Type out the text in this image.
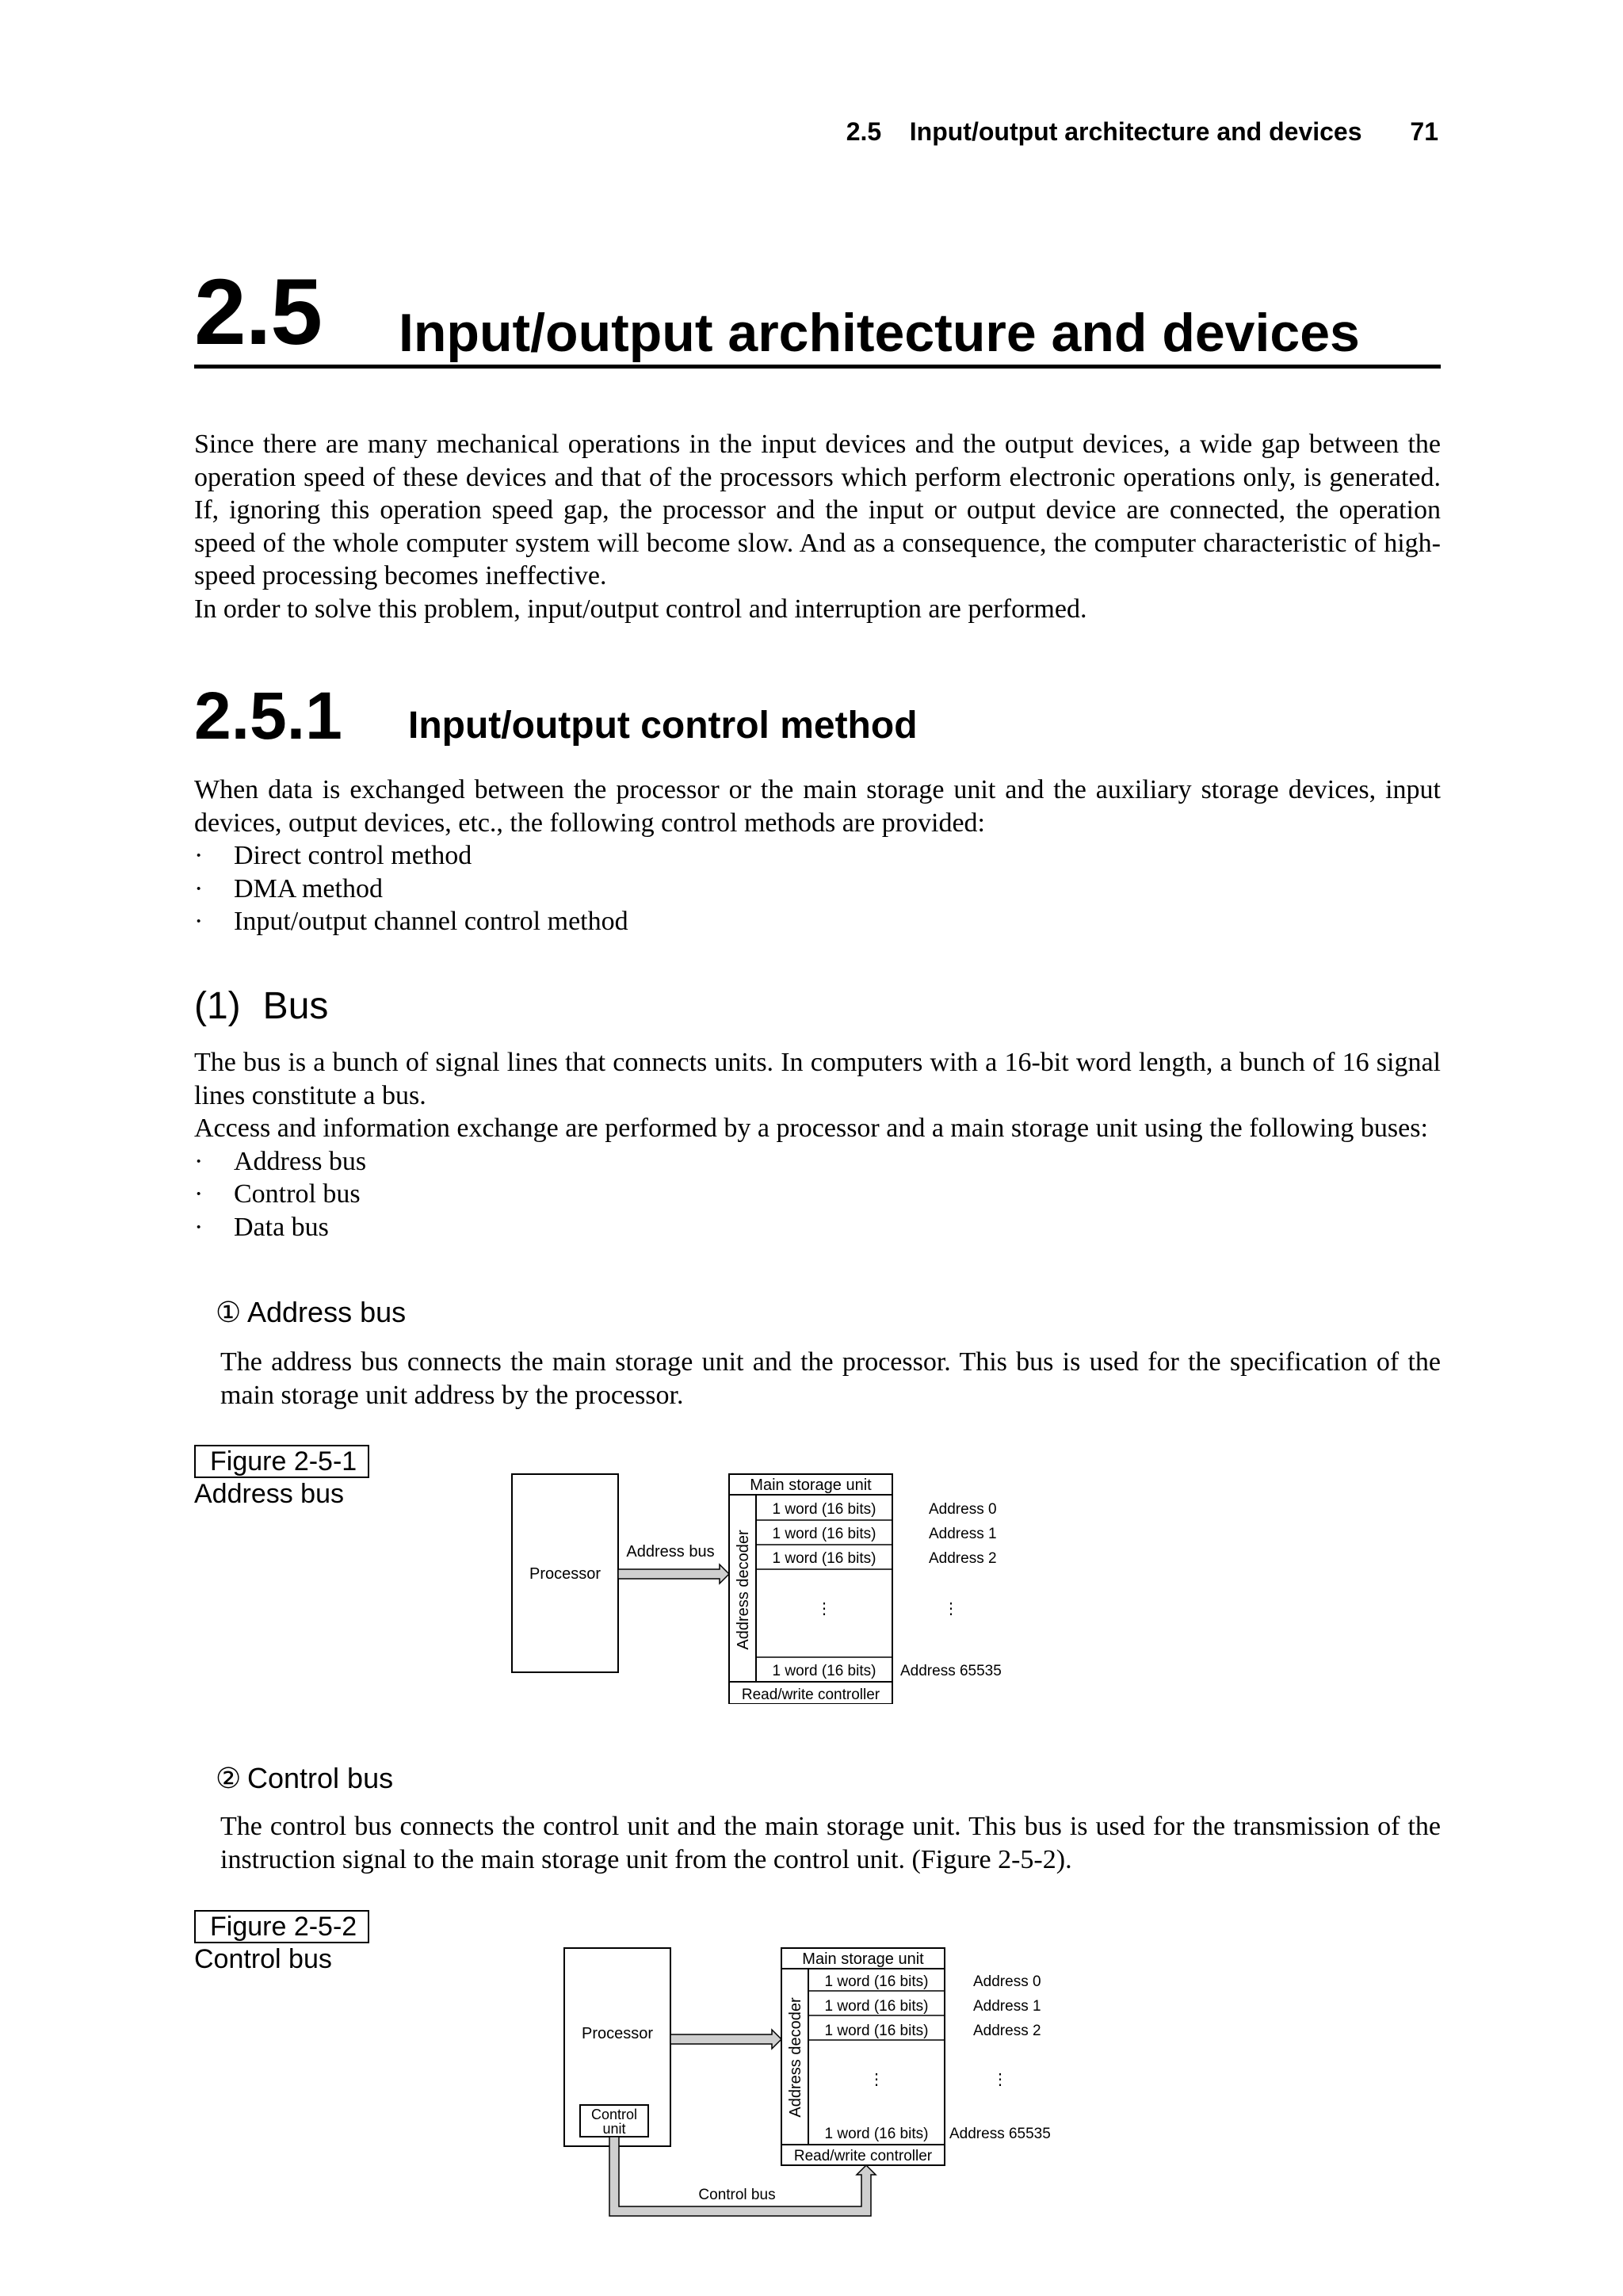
2.5 Input/output architecture and devices 71
2.5 Input/output architecture and devices

Since there are many mechanical operations in the input devices and the output devices, a wide gap between the operation speed of these devices and that of the processors which perform electronic operations only, is generated. If, ignoring this operation speed gap, the processor and the input or output device are connected, the operation speed of the whole computer system will become slow. And as a consequence, the computer characteristic of high-speed processing becomes ineffective.

In order to solve this problem, input/output control and interruption are performed.

2.5.1 Input/output control method

When data is exchanged between the processor or the main storage unit and the auxiliary storage devices, input devices, output devices, etc., the following control methods are provided:

· Direct control method
· DMA method
· Input/output channel control method
(1) Bus

The bus is a bunch of signal lines that connects units. In computers with a 16-bit word length, a bunch of 16 signal lines constitute a bus.

Access and information exchange are performed by a processor and a main storage unit using the following buses:

· Address bus
· Control bus
· Data bus
① Address bus
The address bus connects the main storage unit and the processor. This bus is used for the specification of the main storage unit address by the processor.
Figure 2-5-1
Address bus
Processor
Address bus
Main storage unit
Address decoder
1 word (16 bits)
1 word (16 bits)
1 word (16 bits)
⋮
1 word (16 bits)
Read/write controller
Address 0
Address 1
Address 2
⋮
Address 65535
② Control bus
The control bus connects the control unit and the main storage unit. This bus is used for the transmission of the instruction signal to the main storage unit from the control unit. (Figure 2-5-2).
Figure 2-5-2
Control bus
Processor
Control
unit
Control bus
Main storage unit
Address decoder
1 word (16 bits)
1 word (16 bits)
1 word (16 bits)
⋮
1 word (16 bits)
Read/write controller
Address 0
Address 1
Address 2
⋮
Address 65535
